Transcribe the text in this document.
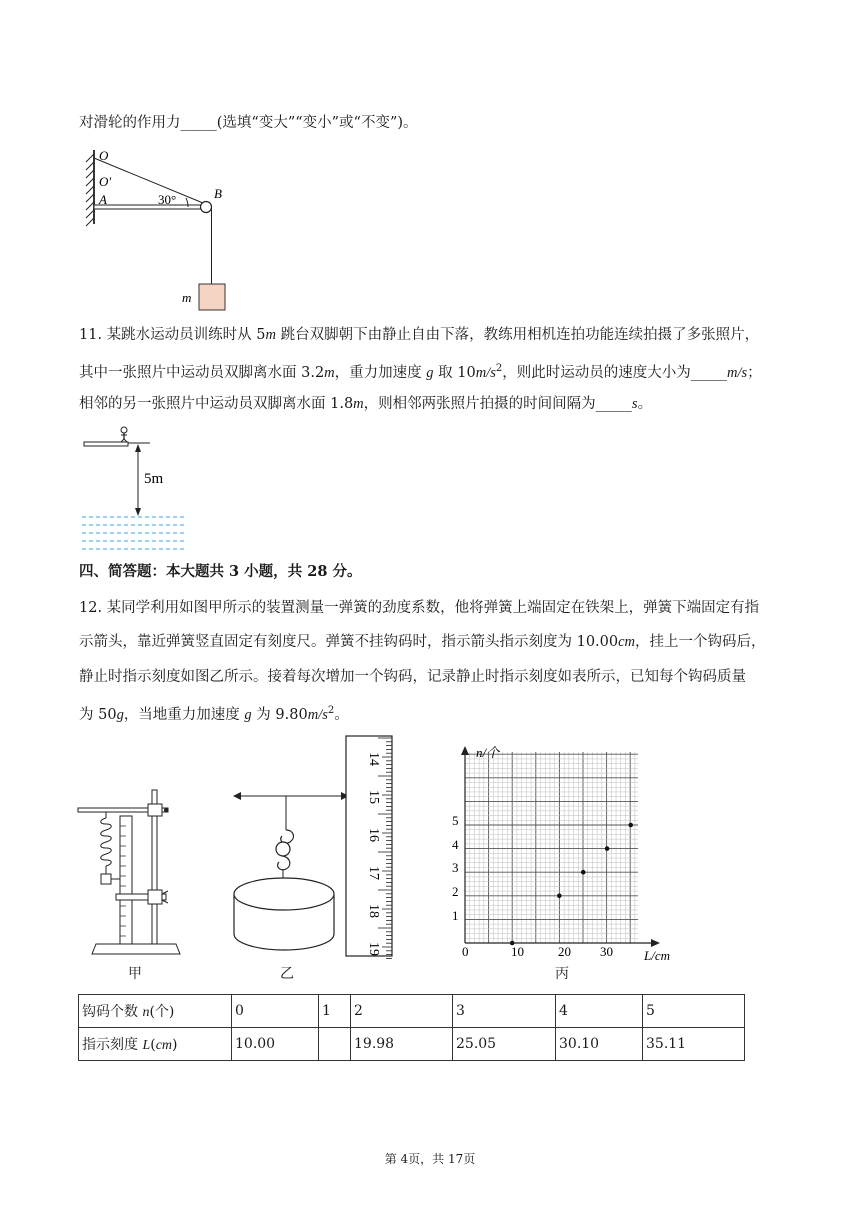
对滑轮的作用力_____(选填“变大”“变小”或“不变”)。
O
O′
A	B
30°
m
11. 某跳水运动员训练时从 5m 跳台双脚朝下由静止自由下落，教练用相机连拍功能连续拍摄了多张照片，
其中一张照片中运动员双脚离水面 3.2m，重力加速度 g 取 $10m/s^2$，则此时运动员的速度大小为_____m/s；
相邻的另一张照片中运动员双脚离水面 1.8m，则相邻两张照片拍摄的时间间隔为_____s。
5m
四、简答题：本大题共 3 小题，共 28 分。
12. 某同学利用如图甲所示的装置测量一弹簧的劲度系数，他将弹簧上端固定在铁架上，弹簧下端固定有指
示箭头，靠近弹簧竖直固定有刻度尺。弹簧不挂钩码时，指示箭头指示刻度为 10.00cm，挂上一个钩码后，
静止时指示刻度如图乙所示。接着每次增加一个钩码，记录静止时指示刻度如表所示，已知每个钩码质量
为 50g，当地重力加速度 g 为 $9.80m/s^2$。
甲
14
15
16
17
18
19
乙
n/个
L/cm
0	10	20 30
1
2
3
4
5
丙
钩码个数 n(个)	0	1	2	3	4	5
指示刻度 L(cm)	10.00		19.98	25.05	30.10	35.11
第 4页，共 17页
